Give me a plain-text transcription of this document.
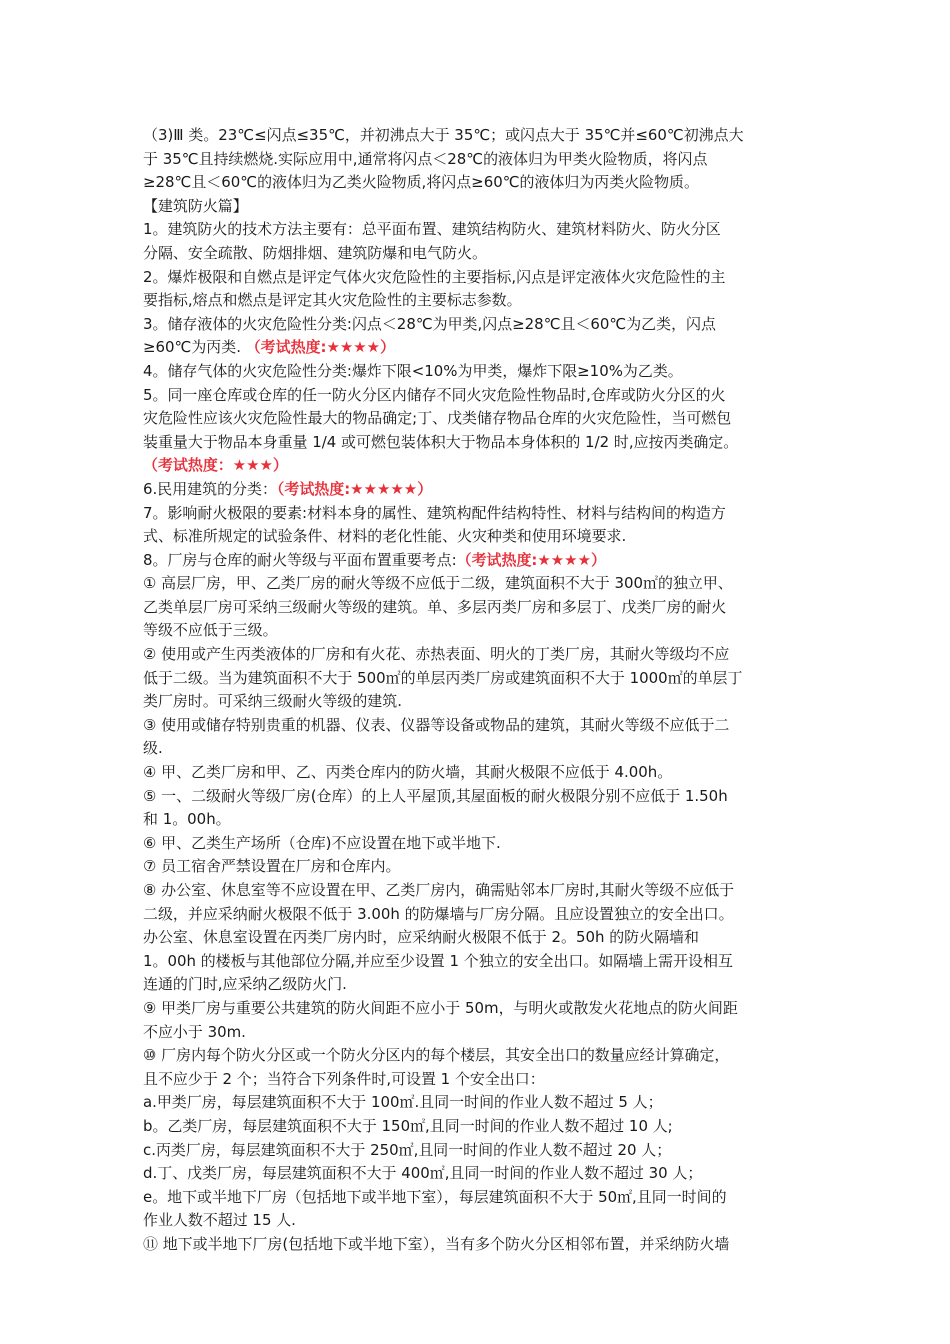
（3)Ⅲ 类。23℃≤闪点≤35℃，并初沸点大于 35℃；或闪点大于 35℃并≤60℃初沸点大
于 35℃且持续燃烧.实际应用中,通常将闪点＜28℃的液体归为甲类火险物质，将闪点
≥28℃且＜60℃的液体归为乙类火险物质,将闪点≥60℃的液体归为丙类火险物质。
【建筑防火篇】
1。建筑防火的技术方法主要有：总平面布置、建筑结构防火、建筑材料防火、防火分区
分隔、安全疏散、防烟排烟、建筑防爆和电气防火。
2。爆炸极限和自燃点是评定气体火灾危险性的主要指标,闪点是评定液体火灾危险性的主
要指标,熔点和燃点是评定其火灾危险性的主要标志参数。
3。储存液体的火灾危险性分类:闪点＜28℃为甲类,闪点≥28℃且＜60℃为乙类，闪点
≥60℃为丙类. （考试热度:★★★★）
4。储存气体的火灾危险性分类:爆炸下限<10%为甲类，爆炸下限≥10%为乙类。
5。同一座仓库或仓库的任一防火分区内储存不同火灾危险性物品时,仓库或防火分区的火
灾危险性应该火灾危险性最大的物品确定;丁、戊类储存物品仓库的火灾危险性，当可燃包
装重量大于物品本身重量 1/4 或可燃包装体积大于物品本身体积的 1/2 时,应按丙类确定。
（考试热度：★★★）
6.民用建筑的分类：（考试热度:★★★★★）
7。影响耐火极限的要素:材料本身的属性、建筑构配件结构特性、材料与结构间的构造方
式、标准所规定的试验条件、材料的老化性能、火灾种类和使用环境要求.
8。厂房与仓库的耐火等级与平面布置重要考点:（考试热度:★★★★）
① 高层厂房，甲、乙类厂房的耐火等级不应低于二级，建筑面积不大于 300㎡的独立甲、
乙类单层厂房可采纳三级耐火等级的建筑。单、多层丙类厂房和多层丁、戊类厂房的耐火
等级不应低于三级。
② 使用或产生丙类液体的厂房和有火花、赤热表面、明火的丁类厂房，其耐火等级均不应
低于二级。当为建筑面积不大于 500㎡的单层丙类厂房或建筑面积不大于 1000㎡的单层丁
类厂房时。可采纳三级耐火等级的建筑.
③ 使用或储存特别贵重的机器、仪表、仪器等设备或物品的建筑，其耐火等级不应低于二
级.
④ 甲、乙类厂房和甲、乙、丙类仓库内的防火墙，其耐火极限不应低于 4.00h。
⑤ 一、二级耐火等级厂房(仓库）的上人平屋顶,其屋面板的耐火极限分别不应低于 1.50h
和 1。00h。
⑥ 甲、乙类生产场所（仓库)不应设置在地下或半地下.
⑦ 员工宿舍严禁设置在厂房和仓库内。
⑧ 办公室、休息室等不应设置在甲、乙类厂房内，确需贴邻本厂房时,其耐火等级不应低于
二级，并应采纳耐火极限不低于 3.00h 的防爆墙与厂房分隔。且应设置独立的安全出口。
办公室、休息室设置在丙类厂房内时，应采纳耐火极限不低于 2。50h 的防火隔墙和
1。00h 的楼板与其他部位分隔,并应至少设置 1 个独立的安全出口。如隔墙上需开设相互
连通的门时,应采纳乙级防火门.
⑨ 甲类厂房与重要公共建筑的防火间距不应小于 50m，与明火或散发火花地点的防火间距
不应小于 30m.
⑩ 厂房内每个防火分区或一个防火分区内的每个楼层，其安全出口的数量应经计算确定，
且不应少于 2 个；当符合下列条件时,可设置 1 个安全出口：
a.甲类厂房，每层建筑面积不大于 100㎡.且同一时间的作业人数不超过 5 人；
b。乙类厂房，每层建筑面积不大于 150㎡,且同一时间的作业人数不超过 10 人;
c.丙类厂房，每层建筑面积不大于 250㎡,且同一时间的作业人数不超过 20 人；
d.丁、戊类厂房，每层建筑面积不大于 400㎡,且同一时间的作业人数不超过 30 人；
e。地下或半地下厂房（包括地下或半地下室），每层建筑面积不大于 50㎡,且同一时间的
作业人数不超过 15 人.
⑪ 地下或半地下厂房(包括地下或半地下室），当有多个防火分区相邻布置，并采纳防火墙
